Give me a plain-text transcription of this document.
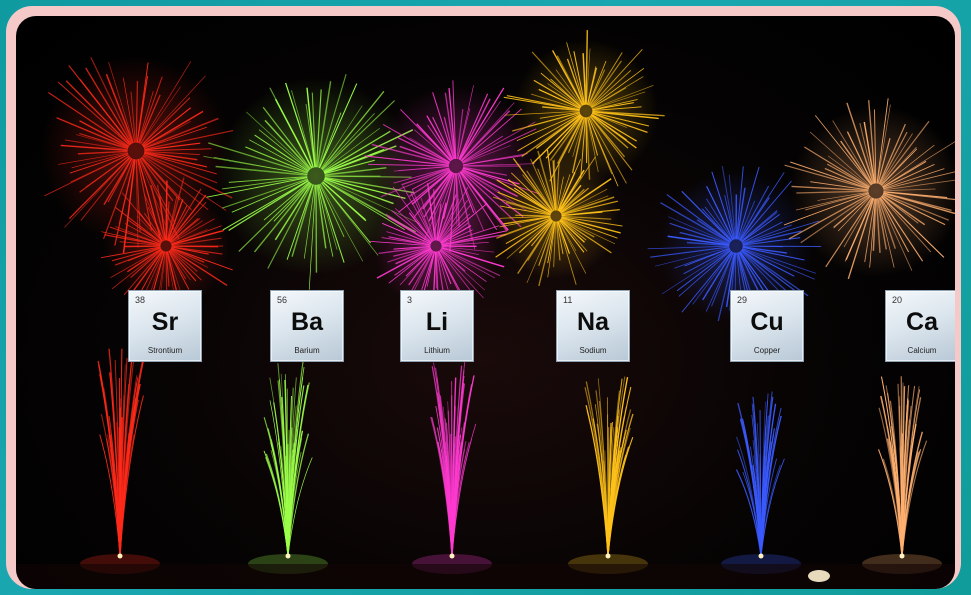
38
Sr
Strontium
56
Ba
Barium
3
Li
Lithium
11
Na
Sodium
29
Cu
Copper
20
Ca
Calcium
